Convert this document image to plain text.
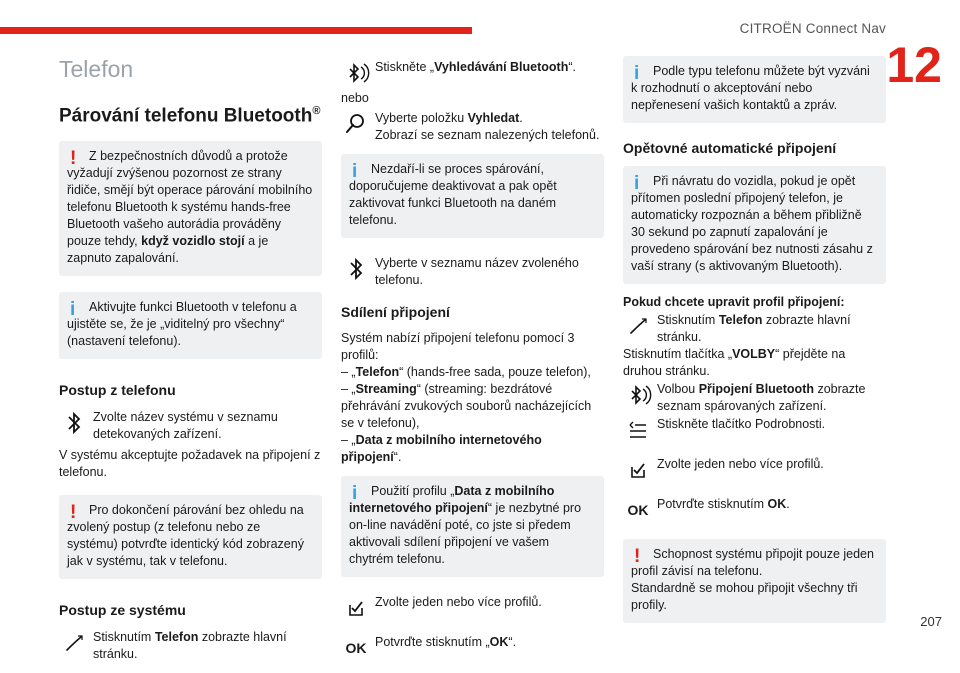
CITROËN Connect Nav
12
207
Telefon
Párování telefonu Bluetooth®
!	Z bezpečnostních důvodů a protože vyžadují zvýšenou pozornost ze strany řidiče, smějí být operace párování mobilního telefonu Bluetooth k systému hands-free Bluetooth vašeho autorádia prováděny pouze tehdy, když vozidlo stojí a je zapnuto zapalování.

i	Aktivujte funkci Bluetooth v telefonu a ujistěte se, že je „viditelný pro všechny“ (nastavení telefonu).

Postup z telefonu

Zvolte název systému v seznamu detekovaných zařízení.

V systému akceptujte požadavek na připojení z telefonu.

!	Pro dokončení párování bez ohledu na zvolený postup (z telefonu nebo ze systému) potvrďte identický kód zobrazený jak v systému, tak v telefonu.

Postup ze systému

Stisknutím Telefon zobrazte hlavní stránku.

Stiskněte „Vyhledávání Bluetooth“.

nebo

Vyberte položku Vyhledat.
Zobrazí se seznam nalezených telefonů.

i	Nezdaří-li se proces spárování, doporučujeme deaktivovat a pak opět zaktivovat funkci Bluetooth na daném telefonu.

Vyberte v seznamu název zvoleného telefonu.

Sdílení připojení

Systém nabízí připojení telefonu pomocí 3 profilů:

– „Telefon“ (hands-free sada, pouze telefon),

– „Streaming“ (streaming: bezdrátové přehrávání zvukových souborů nacházejících se v telefonu),

– „Data z mobilního internetového připojení“.

i	Použití profilu „Data z mobilního internetového připojení“ je nezbytné pro on-line navádění poté, co jste si předem aktivovali sdílení připojení ve vašem chytrém telefonu.

Zvolte jeden nebo více profilů.

OK Potvrďte stisknutím „OK“.

i	Podle typu telefonu můžete být vyzváni k rozhodnutí o akceptování nebo nepřenesení vašich kontaktů a zpráv.

Opětovné automatické připojení
i	Při návratu do vozidla, pokud je opět přítomen poslední připojený telefon, je automaticky rozpoznán a během přibližně 30 sekund po zapnutí zapalování je provedeno spárování bez nutnosti zásahu z vaší strany (s aktivovaným Bluetooth).

Pokud chcete upravit profil připojení:

Stisknutím Telefon zobrazte hlavní stránku.

Stisknutím tlačítka „VOLBY“ přejděte na druhou stránku.

Volbou Připojení Bluetooth zobrazte seznam spárovaných zařízení.

Stiskněte tlačítko Podrobnosti.

Zvolte jeden nebo více profilů.

OK Potvrďte stisknutím OK.

!	Schopnost systému připojit pouze jeden profil závisí na telefonu.

Standardně se mohou připojit všechny tři profily.
